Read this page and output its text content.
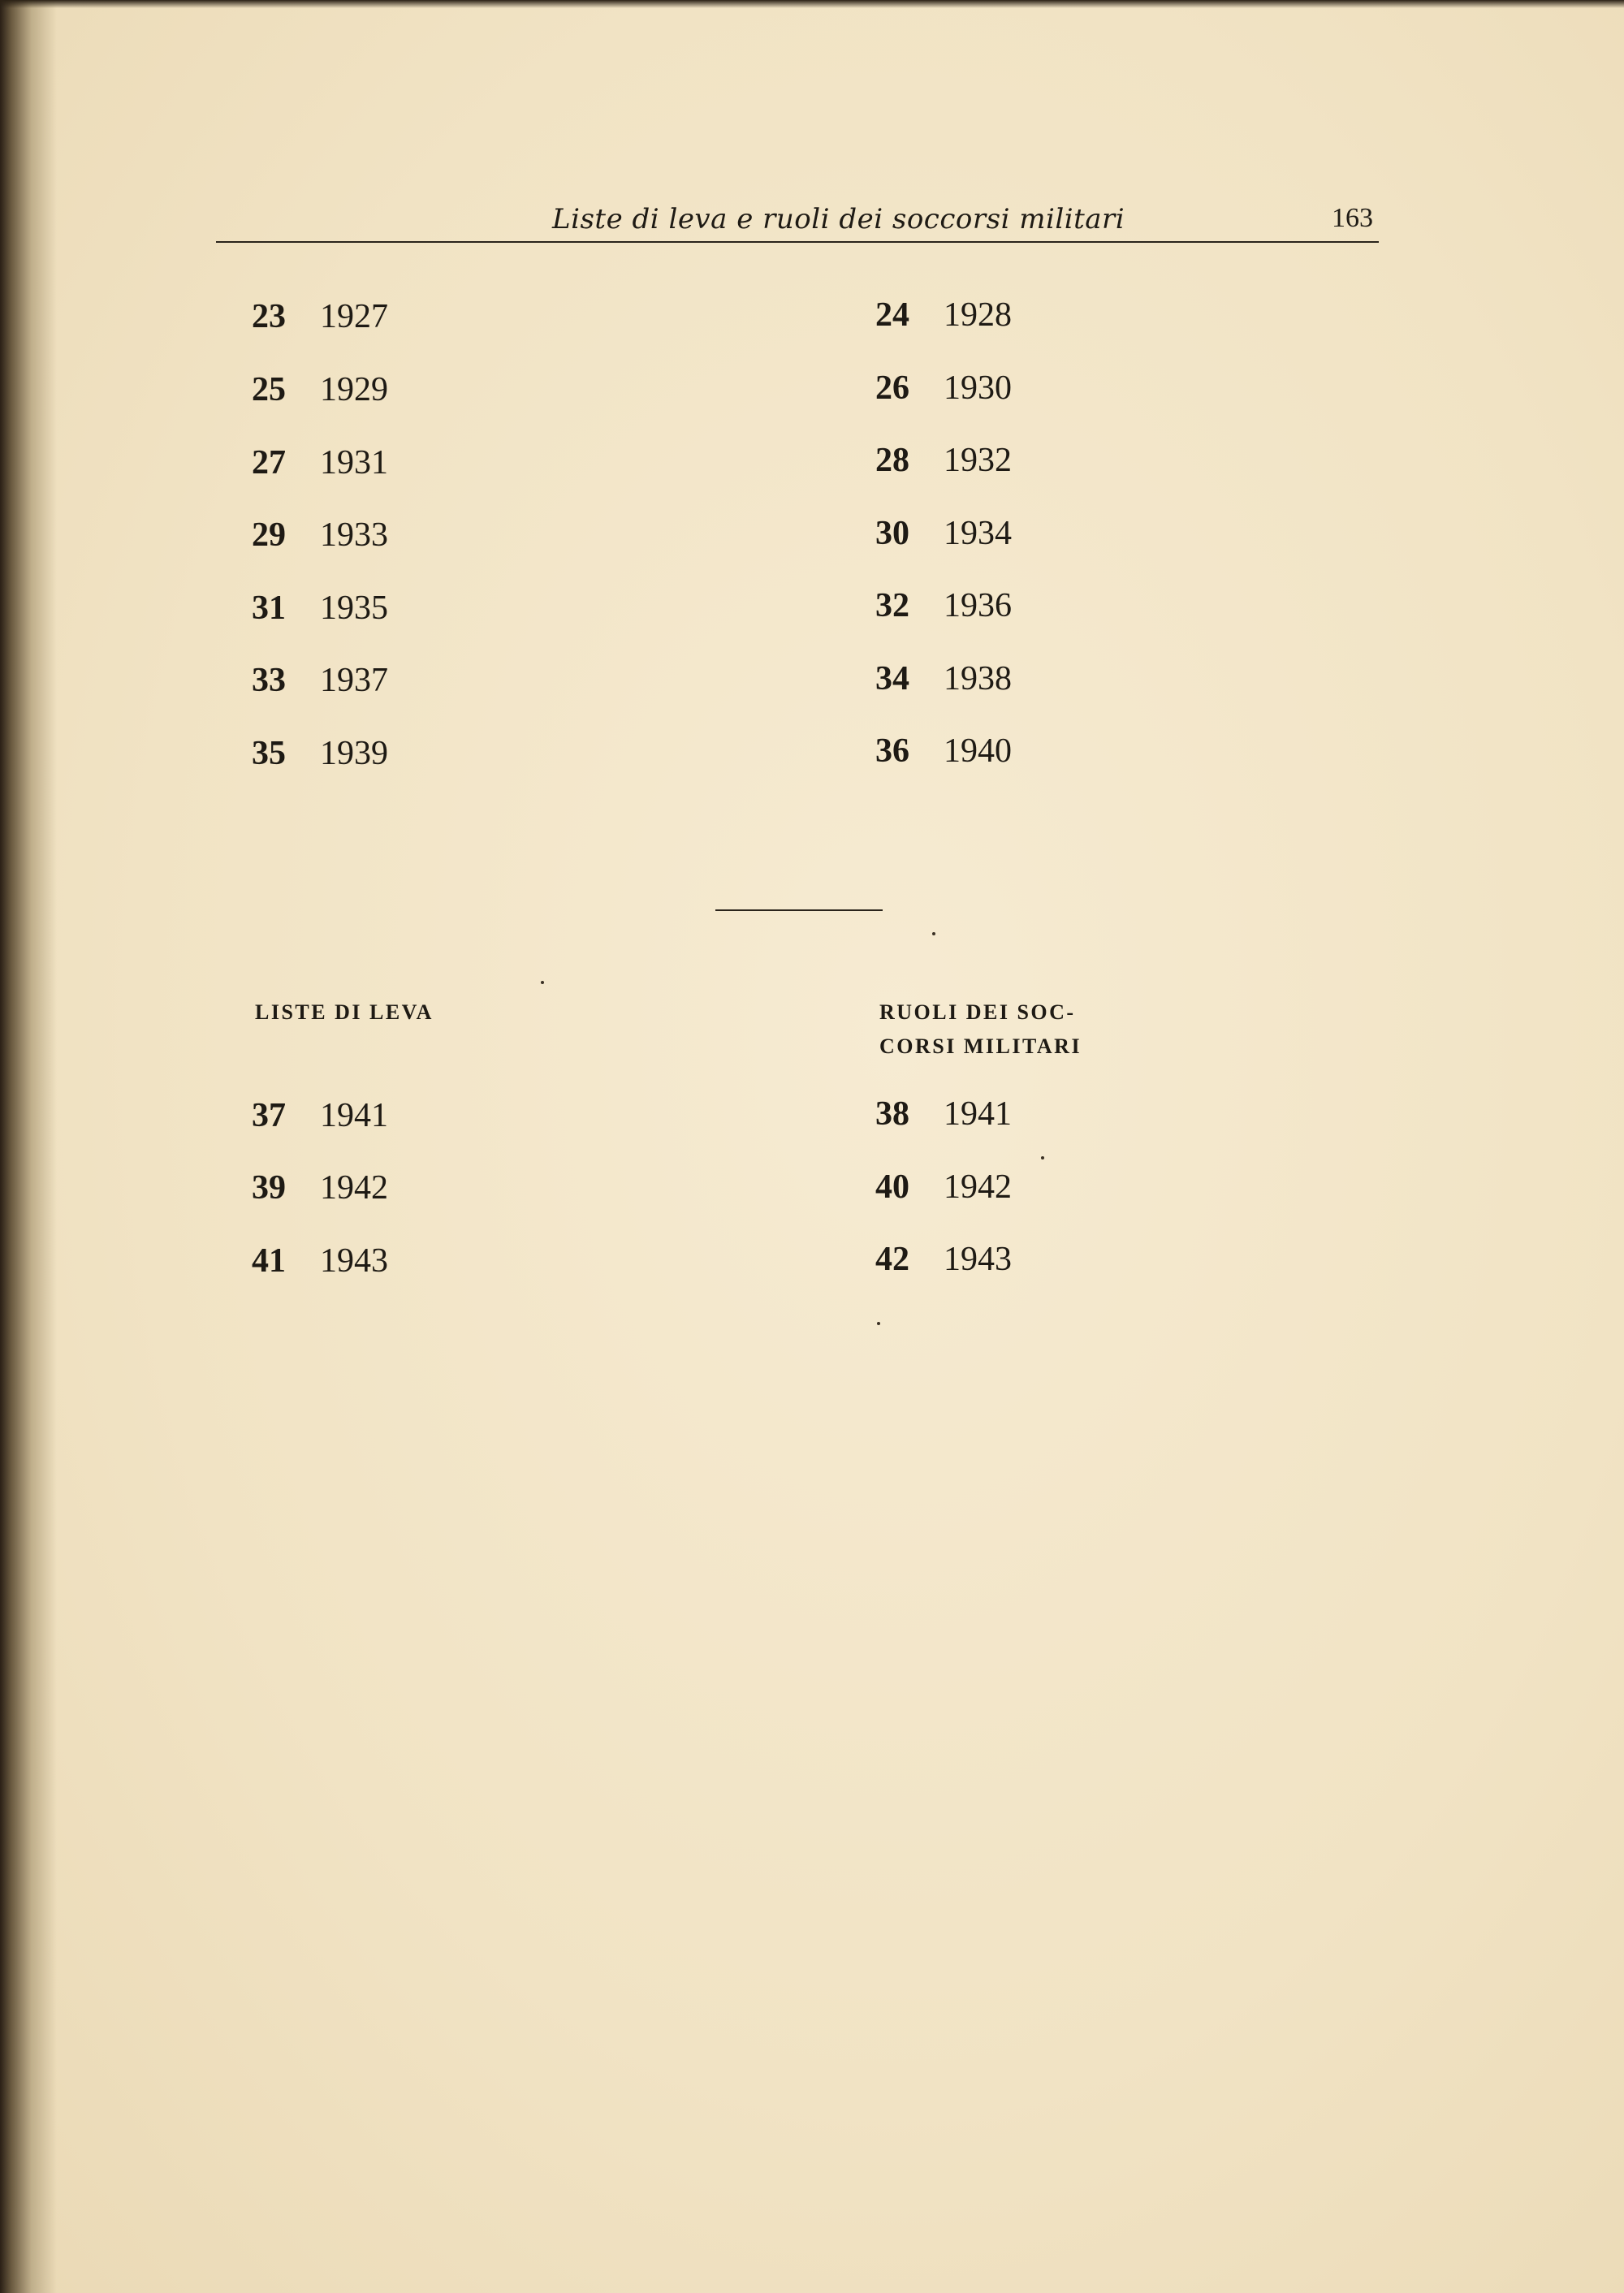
Liste di leva e ruoli dei soccorsi militari	163
23 1927
25 1929
27 1931
29 1933
31 1935
33 1937
35 1939
24 1928
26 1930
28 1932
30 1934
32 1936
34 1938
36 1940
LISTE DI LEVA	RUOLI DEI SOC-
CORSI MILITARI
37 1941
39 1942
41 1943
38 1941
40 1942
42 1943
